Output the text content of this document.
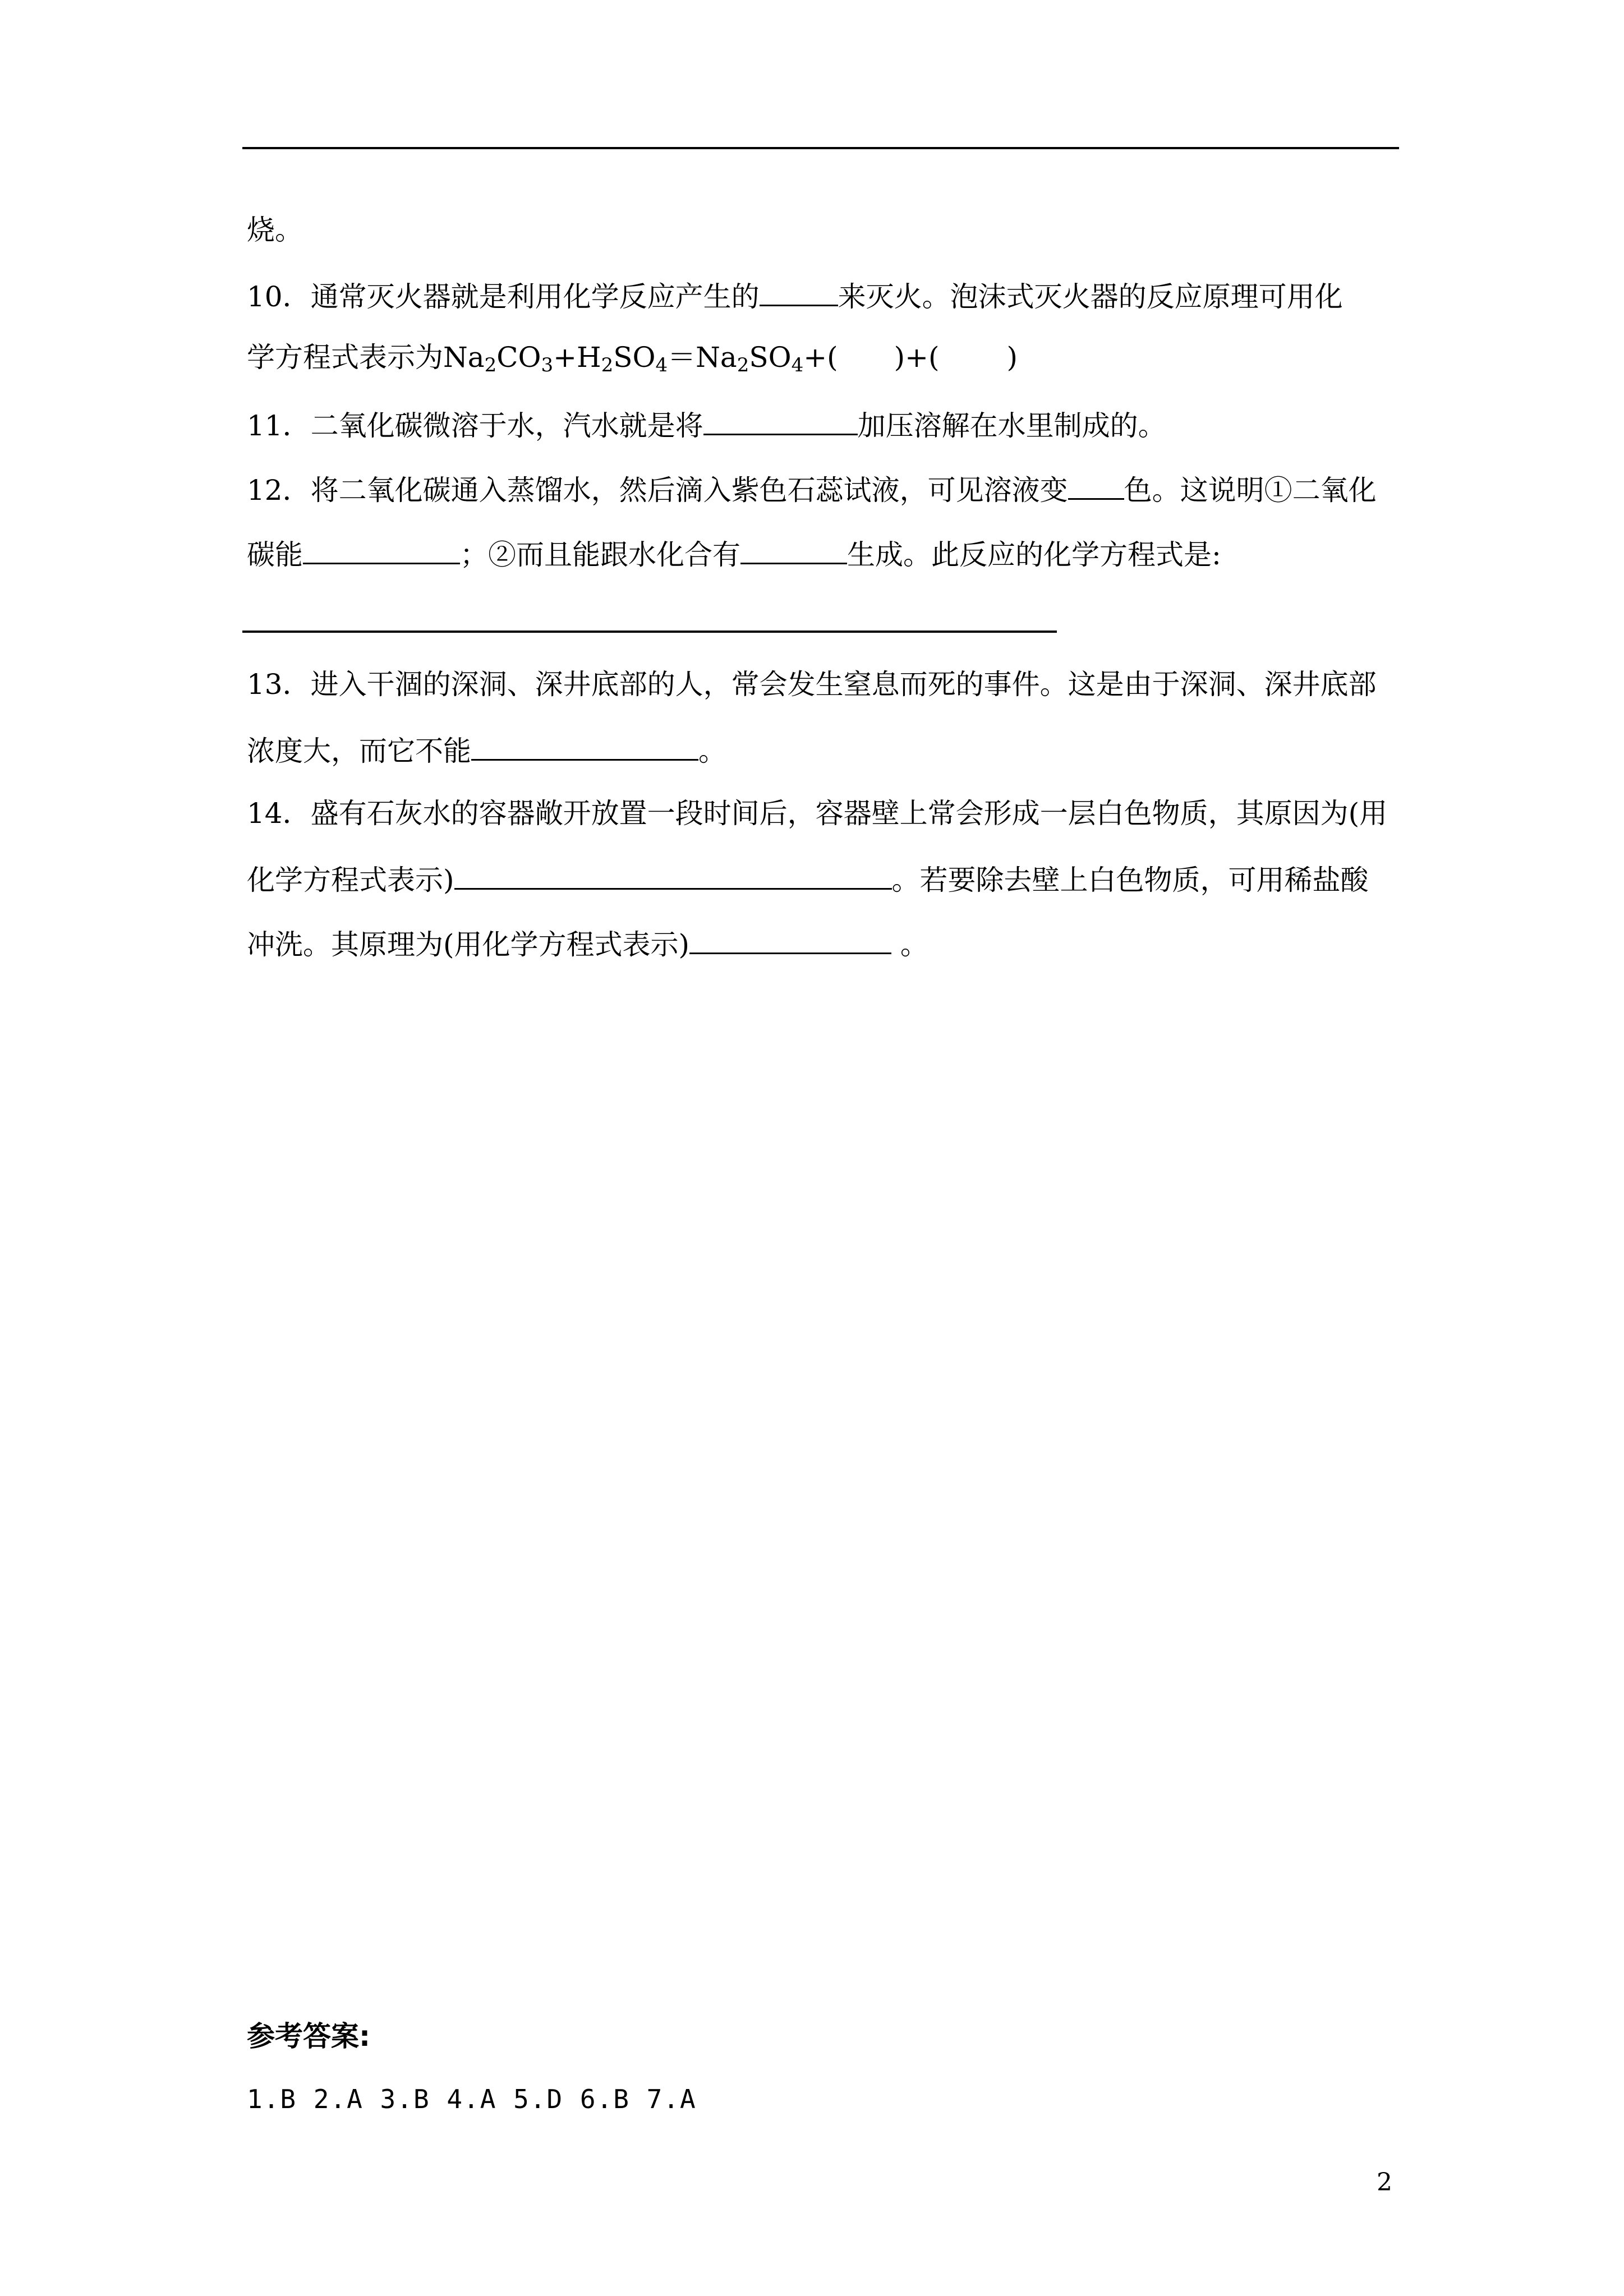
烧。
10．通常灭火器就是利用化学反应产生的	来灭火。泡沫式灭火器的反应原理可用化
学方程式表示为$Na_2CO_3+H_2SO_4=Na_2SO_4+$( )+( )
11．二氧化碳微溶于水，汽水就是将	加压溶解在水里制成的。
12．将二氧化碳通入蒸馏水，然后滴入紫色石蕊试液，可见溶液变 色。这说明①二氧化
碳能	；②而且能跟水化合有	生成。此反应的化学方程式是:
13．进入干涸的深洞、深井底部的人，常会发生窒息而死的事件。这是由于深洞、深井底部
浓度大，而它不能	。
14．盛有石灰水的容器敞开放置一段时间后，容器壁上常会形成一层白色物质，其原因为(用
化学方程式表示)	。若要除去壁上白色物质，可用稀盐酸
冲洗。其原理为(用化学方程式表示)	。
参考答案:
1.B 2.A 3.B 4.A 5.D 6.B 7.A
2
